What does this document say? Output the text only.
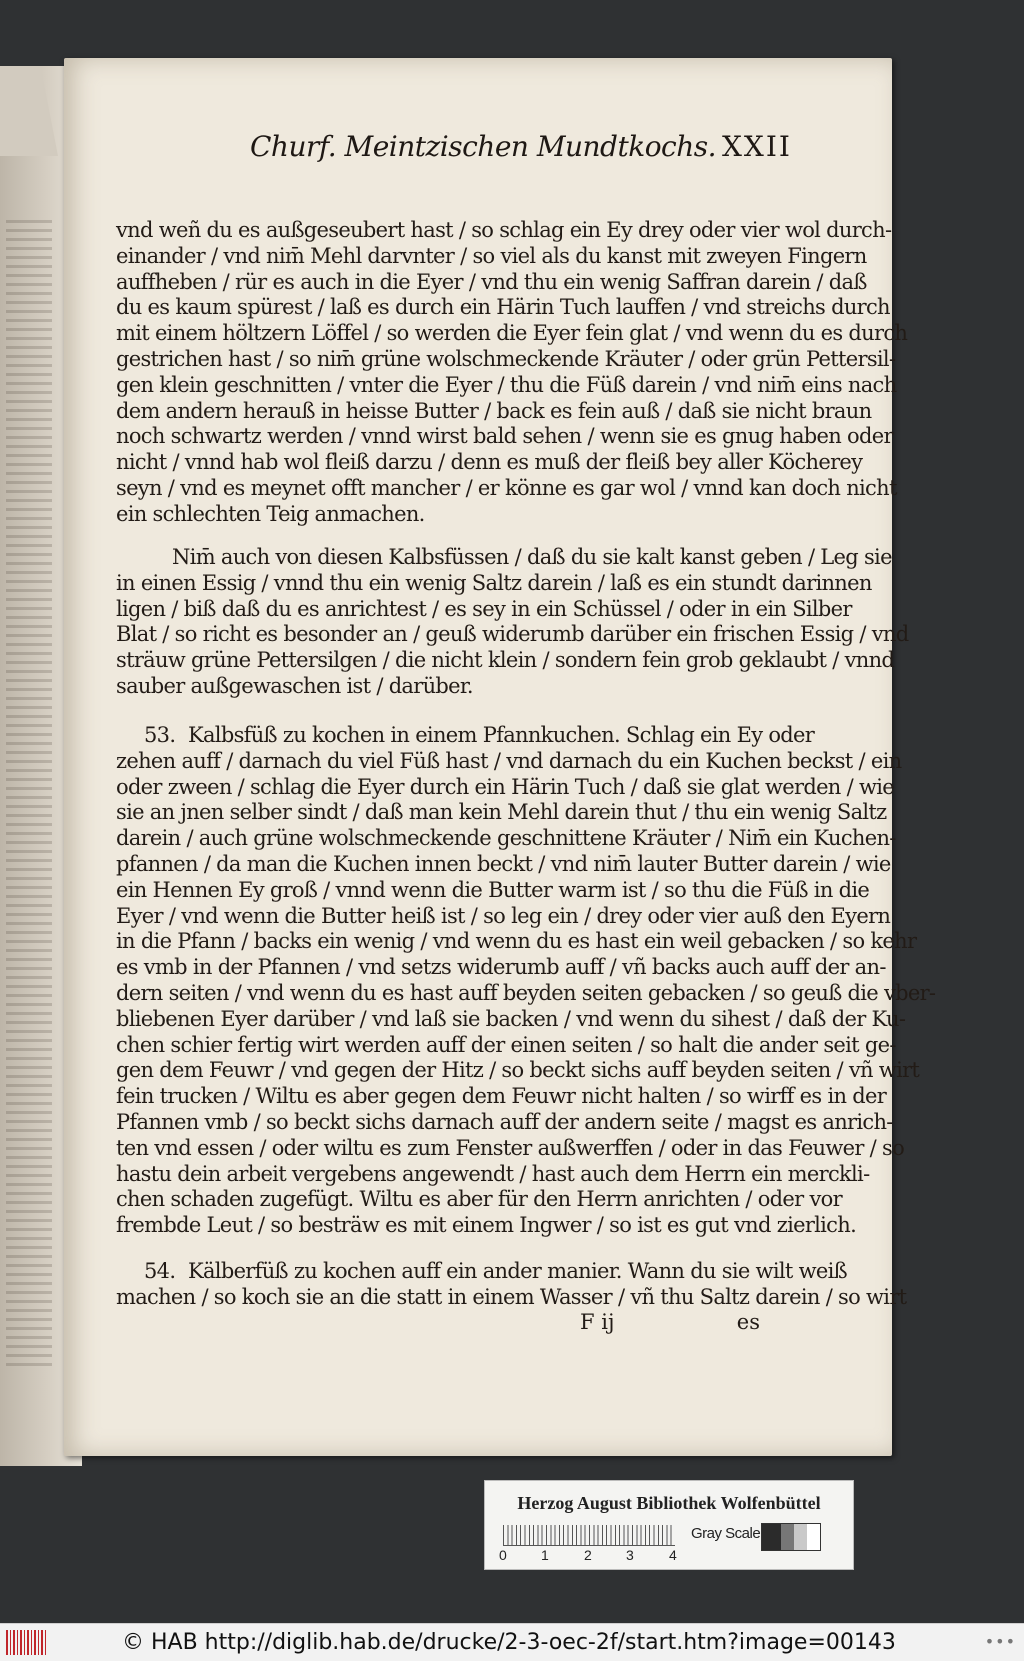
Churf. Meintzischen Mundtkochs. XXII
vnd weñ du es außgeseubert hast / so schlag ein Ey drey oder vier wol durch-
einander / vnd nim̄ Mehl darvnter / so viel als du kanst mit zweyen Fingern
auffheben / rür es auch in die Eyer / vnd thu ein wenig Saffran darein / daß
du es kaum spürest / laß es durch ein Härin Tuch lauffen / vnd streichs durch
mit einem höltzern Löffel / so werden die Eyer fein glat / vnd wenn du es durch
gestrichen hast / so nim̄ grüne wolschmeckende Kräuter / oder grün Pettersil-
gen klein geschnitten / vnter die Eyer / thu die Füß darein / vnd nim̄ eins nach
dem andern herauß in heisse Butter / back es fein auß / daß sie nicht braun
noch schwartz werden / vnnd wirst bald sehen / wenn sie es gnug haben oder
nicht / vnnd hab wol fleiß darzu / denn es muß der fleiß bey aller Köcherey
seyn / vnd es meynet offt mancher / er könne es gar wol / vnnd kan doch nicht
ein schlechten Teig anmachen.
Nim̄ auch von diesen Kalbsfüssen / daß du sie kalt kanst geben / Leg sie
in einen Essig / vnnd thu ein wenig Saltz darein / laß es ein stundt darinnen
ligen / biß daß du es anrichtest / es sey in ein Schüssel / oder in ein Silber
Blat / so richt es besonder an / geuß widerumb darüber ein frischen Essig / vnd
sträuw grüne Pettersilgen / die nicht klein / sondern fein grob geklaubt / vnnd
sauber außgewaschen ist / darüber.
53. Kalbsfüß zu kochen in einem Pfannkuchen. Schlag ein Ey oder
zehen auff / darnach du viel Füß hast / vnd darnach du ein Kuchen beckst / ein
oder zween / schlag die Eyer durch ein Härin Tuch / daß sie glat werden / wie
sie an jnen selber sindt / daß man kein Mehl darein thut / thu ein wenig Saltz
darein / auch grüne wolschmeckende geschnittene Kräuter / Nim̄ ein Kuchen-
pfannen / da man die Kuchen innen beckt / vnd nim̄ lauter Butter darein / wie
ein Hennen Ey groß / vnnd wenn die Butter warm ist / so thu die Füß in die
Eyer / vnd wenn die Butter heiß ist / so leg ein / drey oder vier auß den Eyern
in die Pfann / backs ein wenig / vnd wenn du es hast ein weil gebacken / so kehr
es vmb in der Pfannen / vnd setzs widerumb auff / vñ backs auch auff der an-
dern seiten / vnd wenn du es hast auff beyden seiten gebacken / so geuß die vber-
bliebenen Eyer darüber / vnd laß sie backen / vnd wenn du sihest / daß der Ku-
chen schier fertig wirt werden auff der einen seiten / so halt die ander seit ge-
gen dem Feuwr / vnd gegen der Hitz / so beckt sichs auff beyden seiten / vñ wirt
fein trucken / Wiltu es aber gegen dem Feuwr nicht halten / so wirff es in der
Pfannen vmb / so beckt sichs darnach auff der andern seite / magst es anrich-
ten vnd essen / oder wiltu es zum Fenster außwerffen / oder in das Feuwer / so
hastu dein arbeit vergebens angewendt / hast auch dem Herrn ein merckli-
chen schaden zugefügt. Wiltu es aber für den Herrn anrichten / oder vor
frembde Leut / so besträw es mit einem Ingwer / so ist es gut vnd zierlich.
54. Kälberfüß zu kochen auff ein ander manier. Wann du sie wilt weiß
machen / so koch sie an die statt in einem Wasser / vñ thu Saltz darein / so wirt
F ij	es
Herzog August Bibliothek Wolfenbüttel
0 1	2 3	4
Gray Scale
© HAB http://diglib.hab.de/drucke/2-3-oec-2f/start.htm?image=00143	•••
